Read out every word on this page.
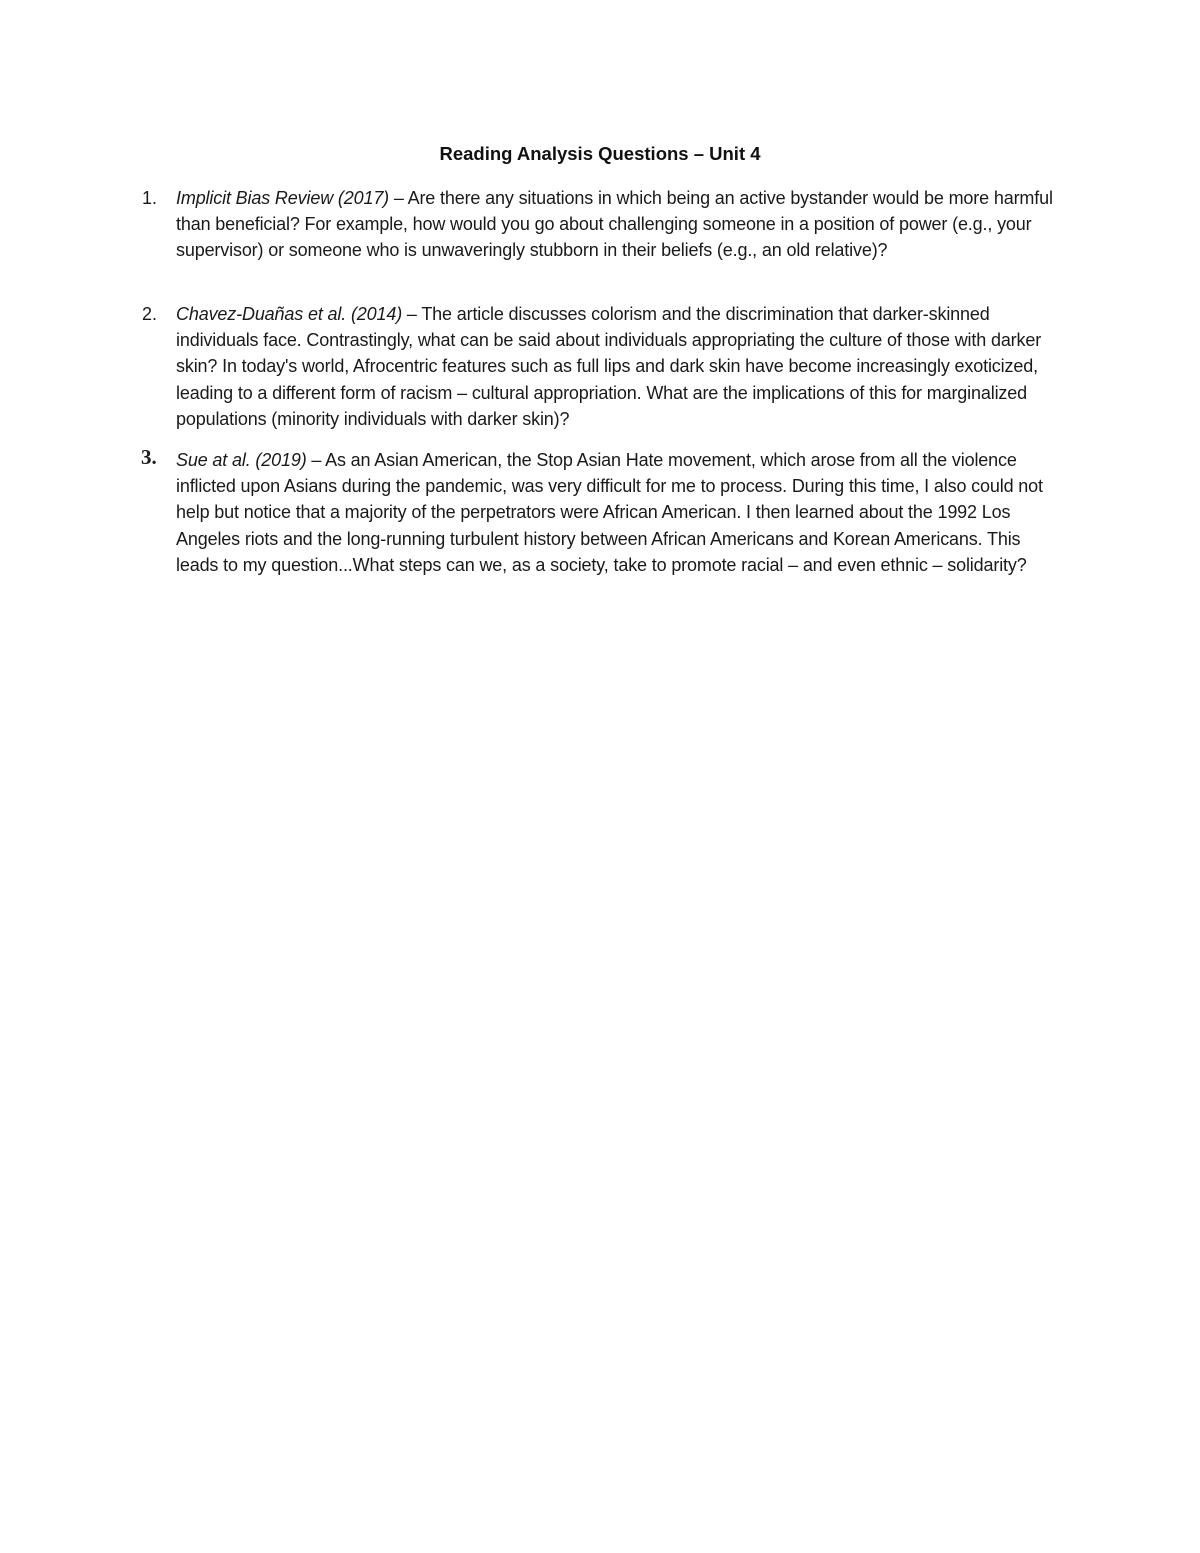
Reading Analysis Questions – Unit 4
1. Implicit Bias Review (2017) – Are there any situations in which being an active bystander would be more harmful than beneficial? For example, how would you go about challenging someone in a position of power (e.g., your supervisor) or someone who is unwaveringly stubborn in their beliefs (e.g., an old relative)?
2. Chavez-Duañas et al. (2014) – The article discusses colorism and the discrimination that darker-skinned individuals face. Contrastingly, what can be said about individuals appropriating the culture of those with darker skin? In today's world, Afrocentric features such as full lips and dark skin have become increasingly exoticized, leading to a different form of racism – cultural appropriation. What are the implications of this for marginalized populations (minority individuals with darker skin)?
3. Sue at al. (2019) – As an Asian American, the Stop Asian Hate movement, which arose from all the violence inflicted upon Asians during the pandemic, was very difficult for me to process. During this time, I also could not help but notice that a majority of the perpetrators were African American. I then learned about the 1992 Los Angeles riots and the long-running turbulent history between African Americans and Korean Americans. This leads to my question...What steps can we, as a society, take to promote racial – and even ethnic – solidarity?
